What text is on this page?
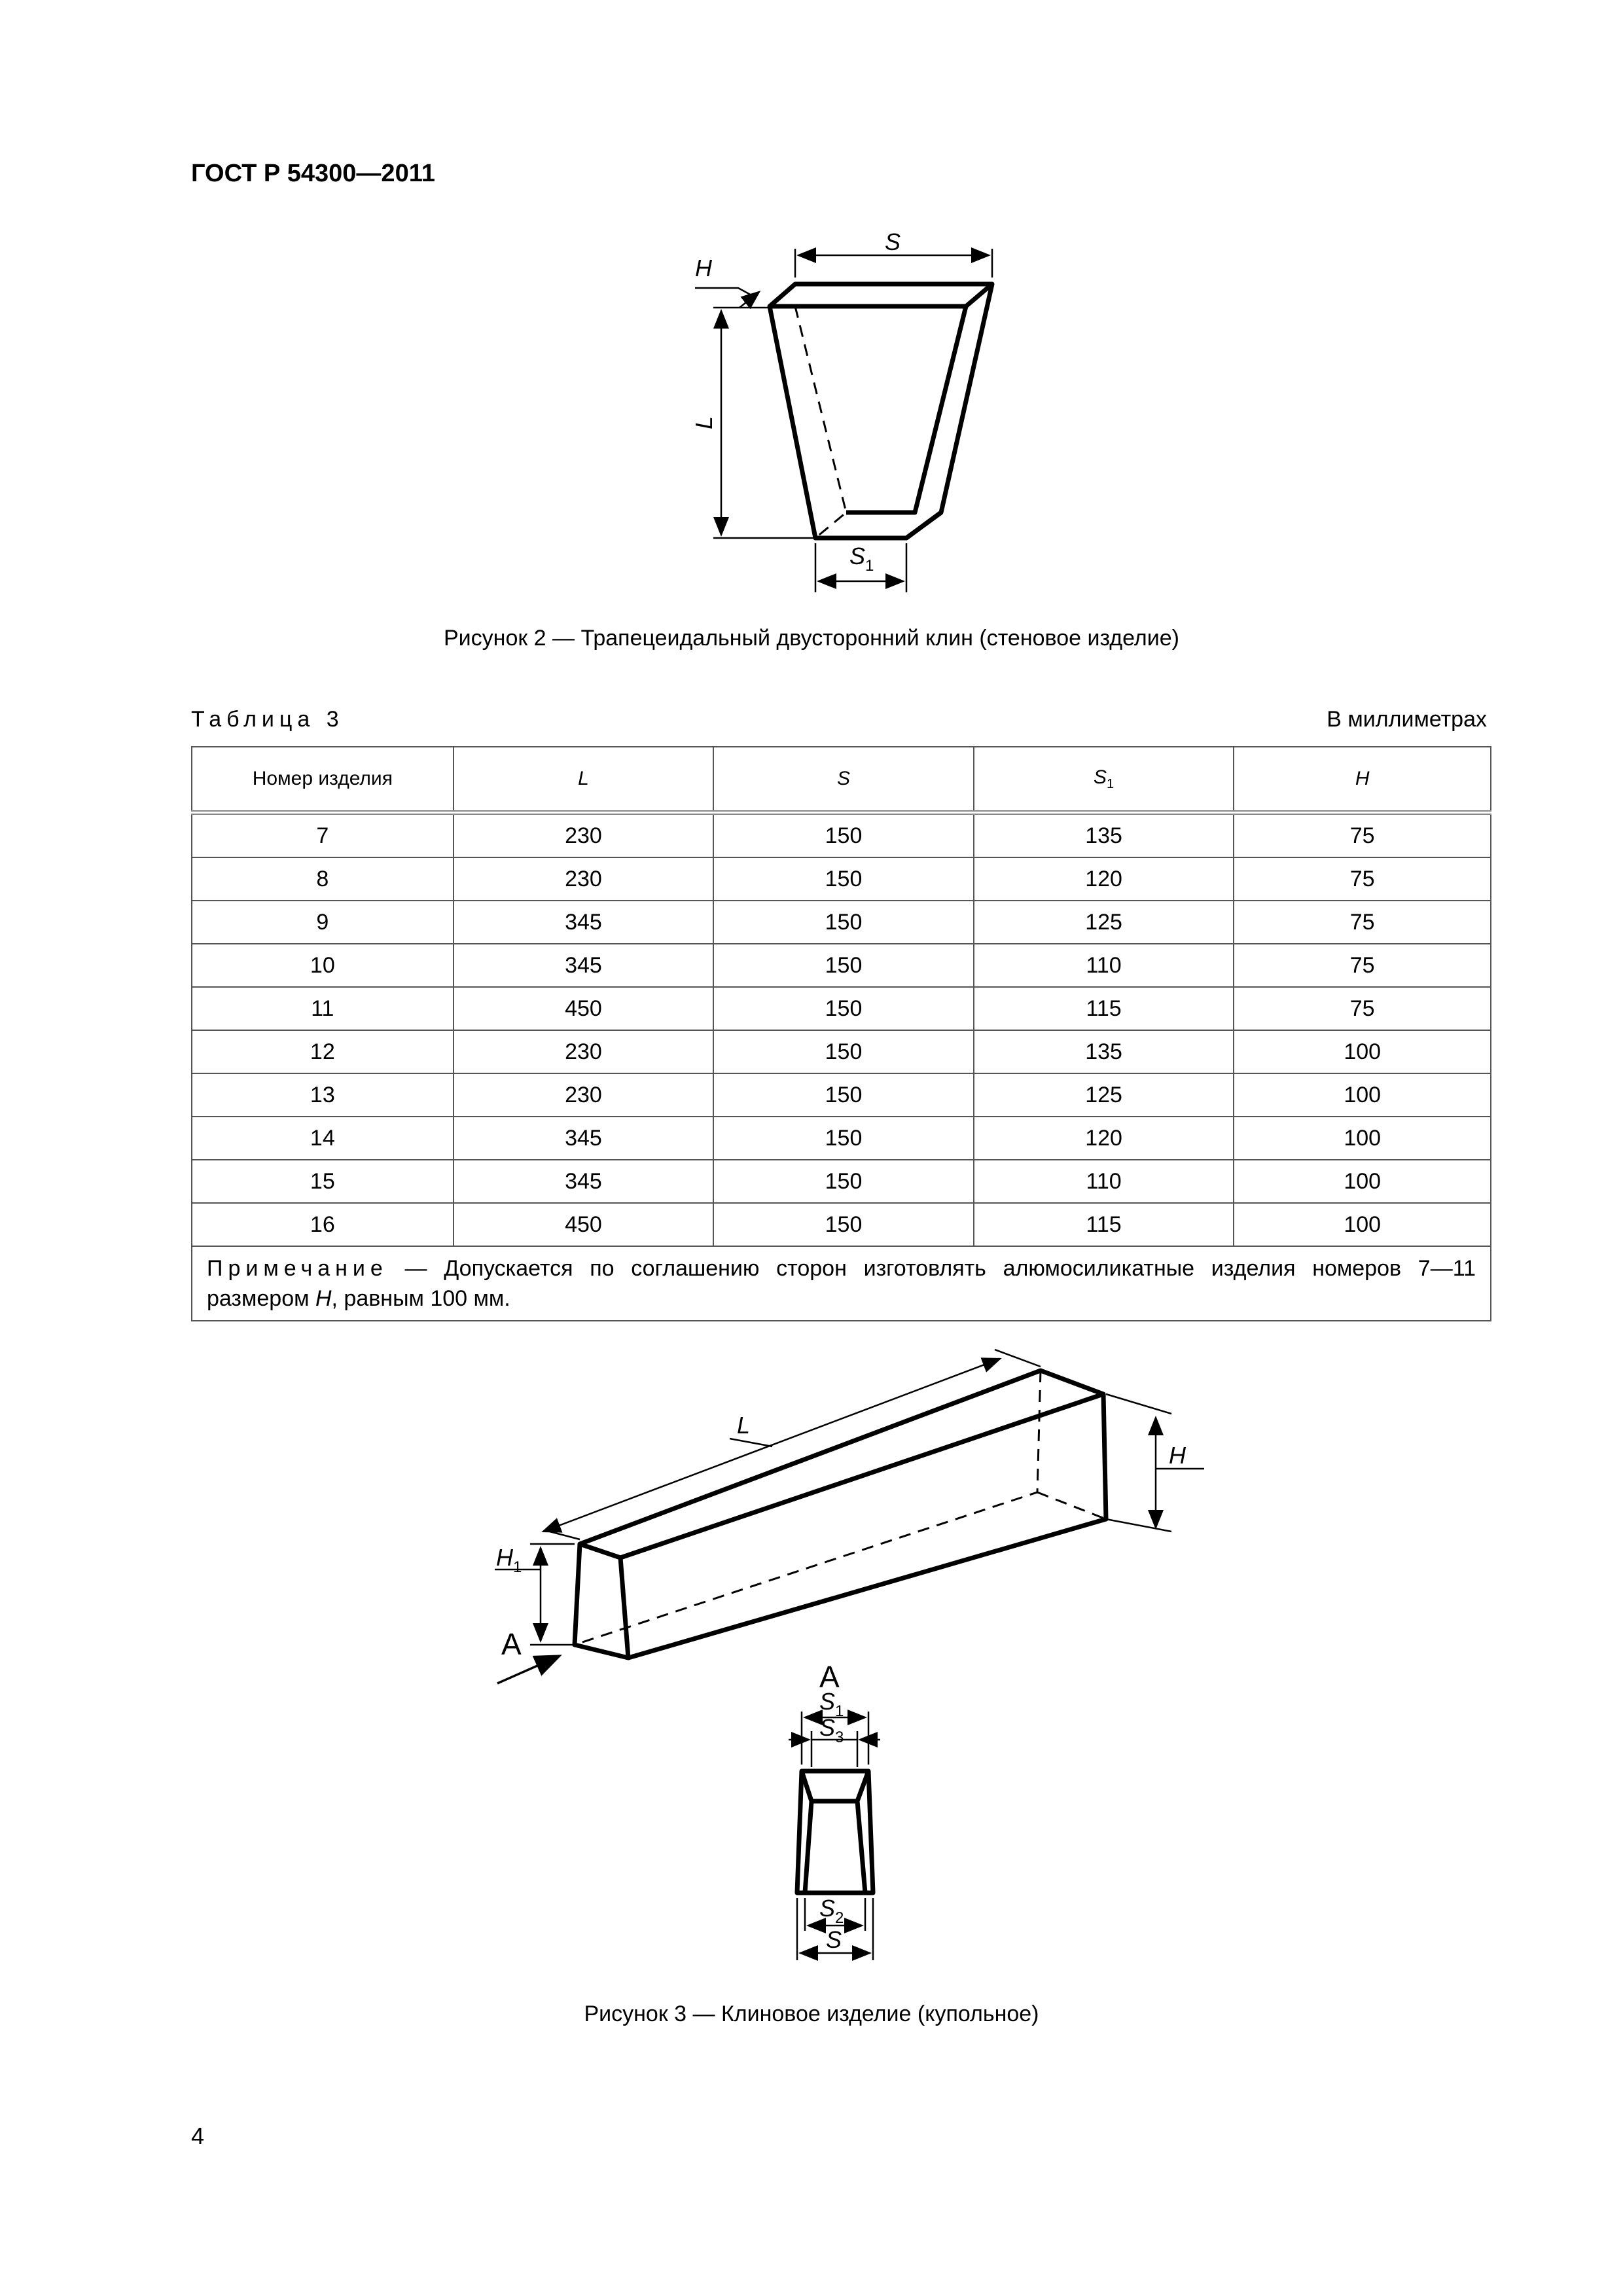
ГОСТ Р 54300—2011
S
H
L
S 1
Рисунок 2 — Трапецеидальный двусторонний клин (стеновое изделие)
Таблица 3	В миллиметрах
Номер изделия	L	S	$S_1$	H
7	230	150	135	75
8	230	150	120	75
9	345	150	125	75
10	345	150	110	75
11	450	150	115	75
12	230	150	135	100
13	230	150	125	100
14	345	150	120	100
15	345	150	110	100
16	450	150	115	100
Примечание — Допускается по соглашению сторон изготовлять алюмосиликатные изделия номеров 7—11 размером H, равным 100 мм.				
L
H
H 1
A
A
S 1
S 3
S 2
S
Рисунок 3 — Клиновое изделие (купольное)
4
